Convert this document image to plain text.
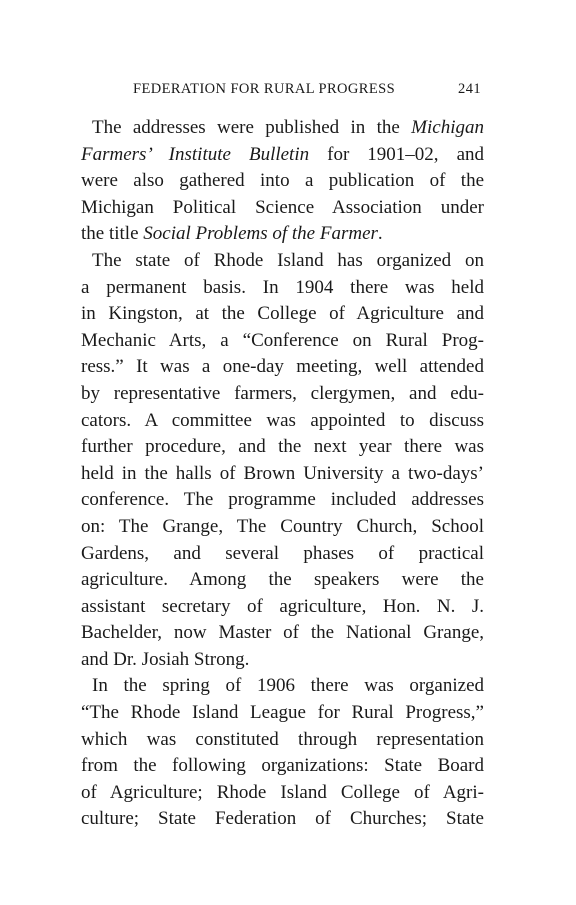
FEDERATION FOR RURAL PROGRESS	241
The addresses were published in the Michigan
Farmers’ Institute Bulletin for 1901–02, and
were also gathered into a publication of the
Michigan Political Science Association under
the title Social Problems of the Farmer.
The state of Rhode Island has organized on
a permanent basis. In 1904 there was held
in Kingston, at the College of Agriculture and
Mechanic Arts, a “Conference on Rural Prog-
ress.” It was a one-day meeting, well attended
by representative farmers, clergymen, and edu-
cators. A committee was appointed to discuss
further procedure, and the next year there was
held in the halls of Brown University a two-days’
conference. The programme included addresses
on: The Grange, The Country Church, School
Gardens, and several phases of practical
agriculture. Among the speakers were the
assistant secretary of agriculture, Hon. N. J.
Bachelder, now Master of the National Grange,
and Dr. Josiah Strong.
In the spring of 1906 there was organized
“The Rhode Island League for Rural Progress,”
which was constituted through representation
from the following organizations: State Board
of Agriculture; Rhode Island College of Agri-
culture; State Federation of Churches; State
